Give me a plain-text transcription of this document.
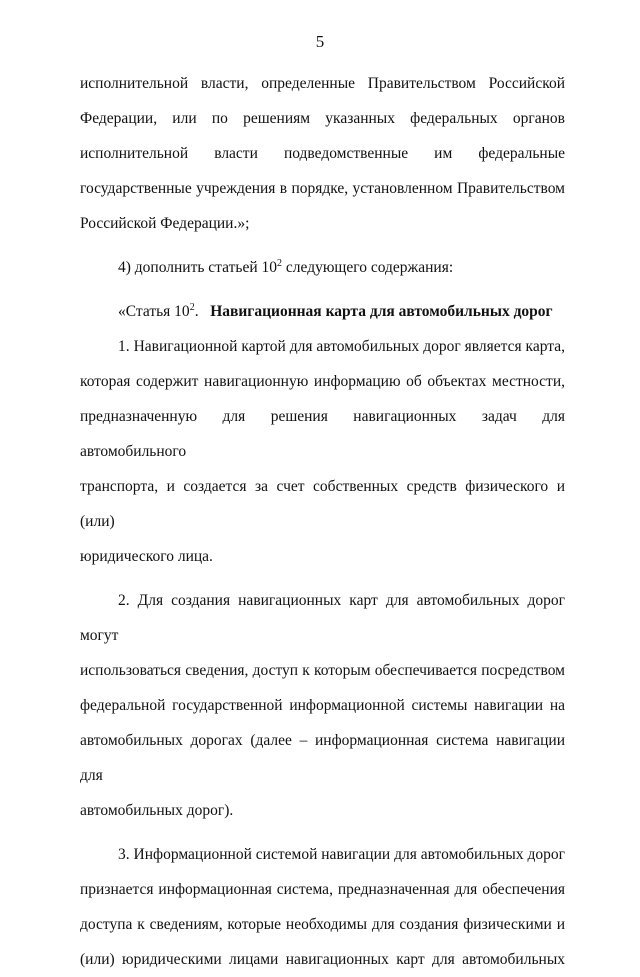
5
исполнительной власти, определенные Правительством Российской
Федерации, или по решениям указанных федеральных органов
исполнительной власти подведомственные им федеральные
государственные учреждения в порядке, установленном Правительством
Российской Федерации.»;
4) дополнить статьей $10^2$ следующего содержания:
«Статья $10^2$. Навигационная карта для автомобильных дорог
1. Навигационной картой для автомобильных дорог является карта,
которая содержит навигационную информацию об объектах местности,
предназначенную для решения навигационных задач для автомобильного
транспорта, и создается за счет собственных средств физического и (или)
юридического лица.
2. Для создания навигационных карт для автомобильных дорог могут
использоваться сведения, доступ к которым обеспечивается посредством
федеральной государственной информационной системы навигации на
автомобильных дорогах (далее – информационная система навигации для
автомобильных дорог).
3. Информационной системой навигации для автомобильных дорог
признается информационная система, предназначенная для обеспечения
доступа к сведениям, которые необходимы для создания физическими и
(или) юридическими лицами навигационных карт для автомобильных
